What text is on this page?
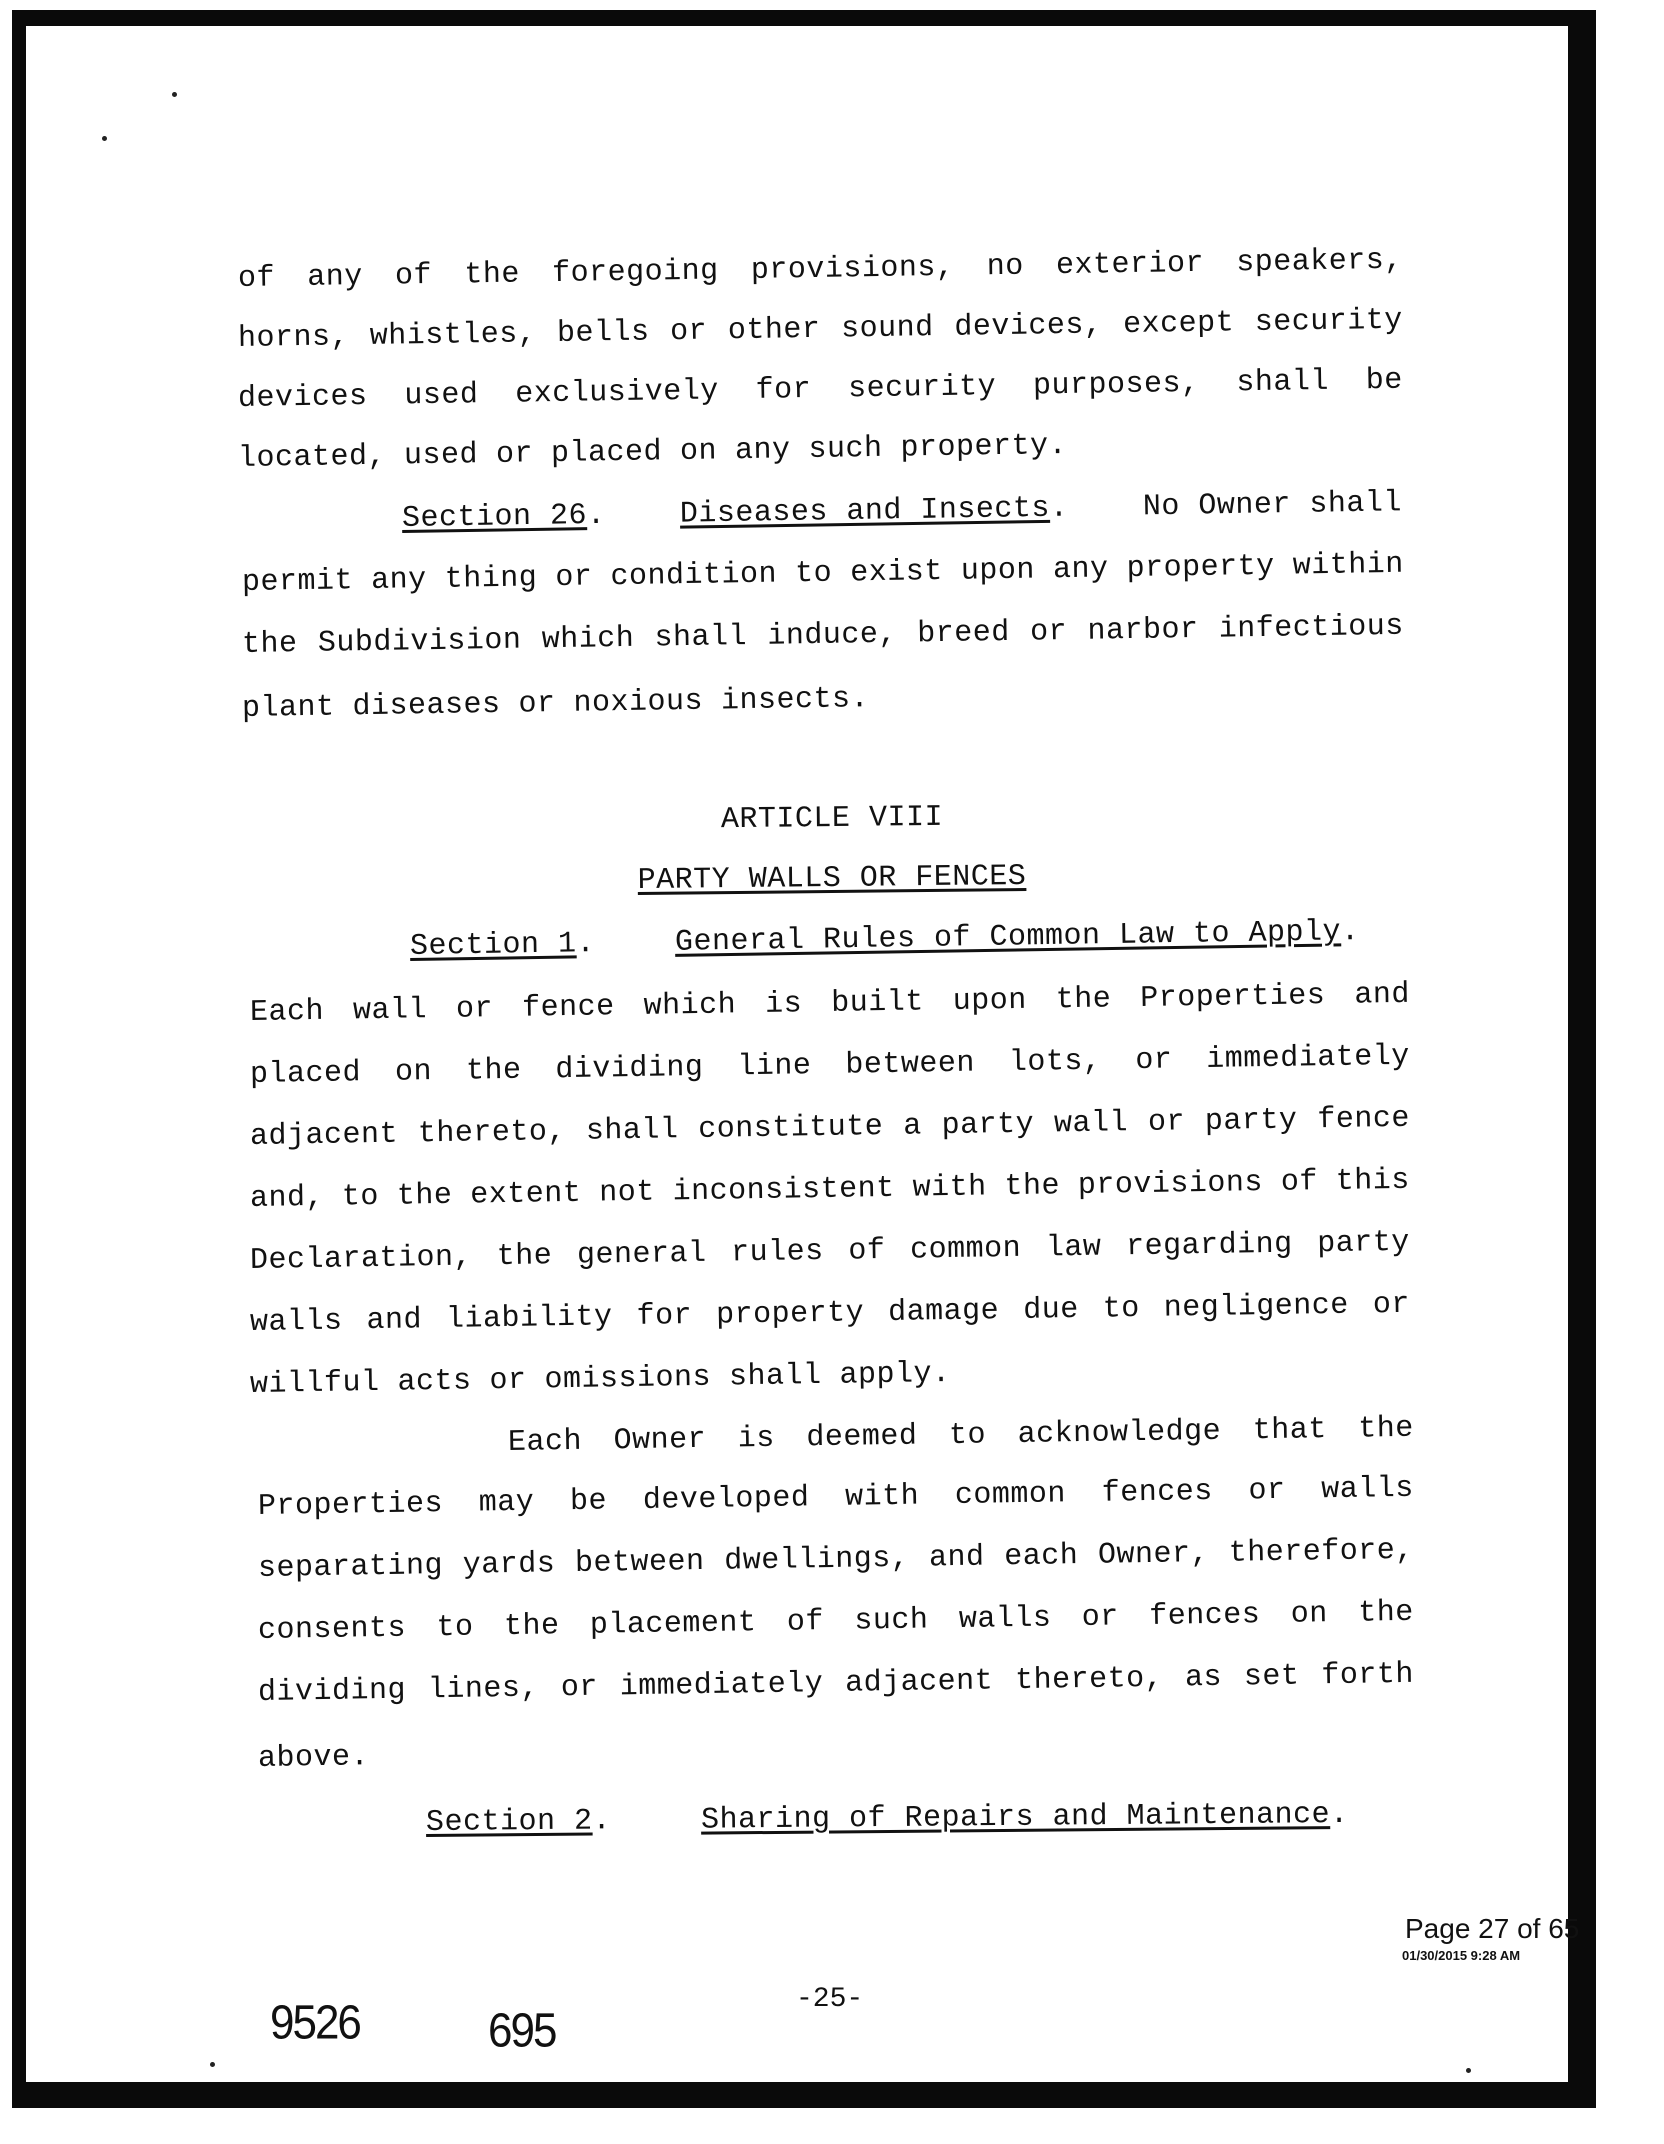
of any of the foregoing provisions, no exterior speakers,
horns, whistles, bells or other sound devices, except security
devices used exclusively for security purposes, shall be
located, used or placed on any such property.
Section 26. Diseases and Insects. No Owner shall
permit any thing or condition to exist upon any property within
the Subdivision which shall induce, breed or narbor infectious
plant diseases or noxious insects.
ARTICLE VIII
PARTY WALLS OR FENCES
Section 1.	General Rules of Common Law to Apply.
Each wall or fence which is built upon the Properties and
placed on the dividing line between lots, or immediately
adjacent thereto, shall constitute a party wall or party fence
and, to the extent not inconsistent with the provisions of this
Declaration, the general rules of common law regarding party
walls and liability for property damage due to negligence or
willful acts or omissions shall apply.
Each Owner is deemed to acknowledge that the
Properties may be developed with common fences or walls
separating yards between dwellings, and each Owner, therefore,
consents to the placement of such walls or fences on the
dividing lines, or immediately adjacent thereto, as set forth
above.
Section 2.	Sharing of Repairs and Maintenance.
Page 27 of 65
01/30/2015 9:28 AM
-25-
9526	695
